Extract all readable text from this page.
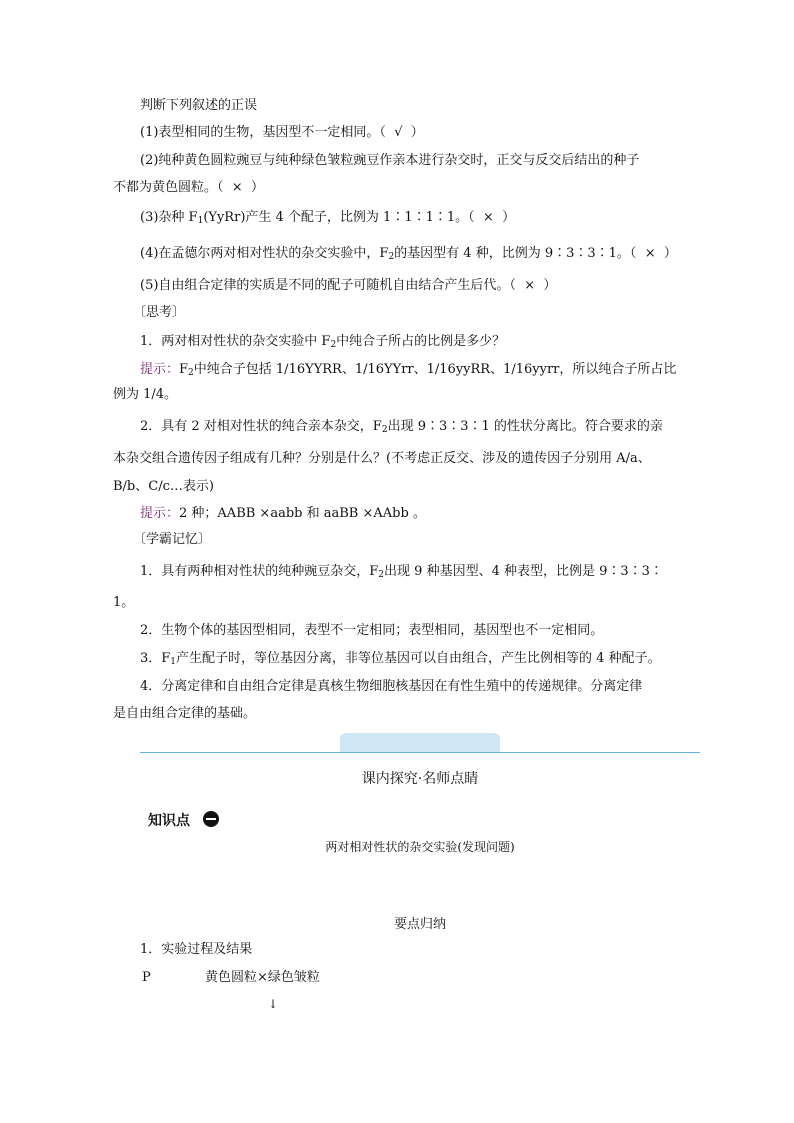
判断下列叙述的正误
(1)表型相同的生物，基因型不一定相同。（ √ ）
(2)纯种黄色圆粒豌豆与纯种绿色皱粒豌豆作亲本进行杂交时，正交与反交后结出的种子
不都为黄色圆粒。（ × ）
(3)杂种 $F_1(YyRr)$产生 4 个配子，比例为 1∶1∶1∶1。（ × ）
(4)在孟德尔两对相对性状的杂交实验中，$F_2$的基因型有 4 种，比例为 9∶3∶3∶1。（ × ）
(5)自由组合定律的实质是不同的配子可随机自由结合产生后代。（ × ）
〔思考〕
1．两对相对性状的杂交实验中 $F_2$中纯合子所占的比例是多少？
提示：$F_2$中纯合子包括 1/16YYRR、1/16YYrr、1/16yyRR、1/16yyrr，所以纯合子所占比
例为 1/4。
2．具有 2 对相对性状的纯合亲本杂交，$F_2$出现 9∶3∶3∶1 的性状分离比。符合要求的亲
本杂交组合遗传因子组成有几种？分别是什么？(不考虑正反交、涉及的遗传因子分别用 A/a、
B/b、C/c…表示)
提示：2 种；AABB ×aabb 和 aaBB ×AAbb 。
〔学霸记忆〕
1．具有两种相对性状的纯种豌豆杂交，$F_2$出现 9 种基因型、4 种表型，比例是 9∶3∶3∶
1。
2．生物个体的基因型相同，表型不一定相同；表型相同，基因型也不一定相同。
3．$F_1$产生配子时，等位基因分离，非等位基因可以自由组合，产生比例相等的 4 种配子。
4．分离定律和自由组合定律是真核生物细胞核基因在有性生殖中的传递规律。分离定律
是自由组合定律的基础。
课内探究·名师点睛
知识点
两对相对性状的杂交实验(发现问题)
要点归纳
1．实验过程及结果
P	黄色圆粒×绿色皱粒
↓
